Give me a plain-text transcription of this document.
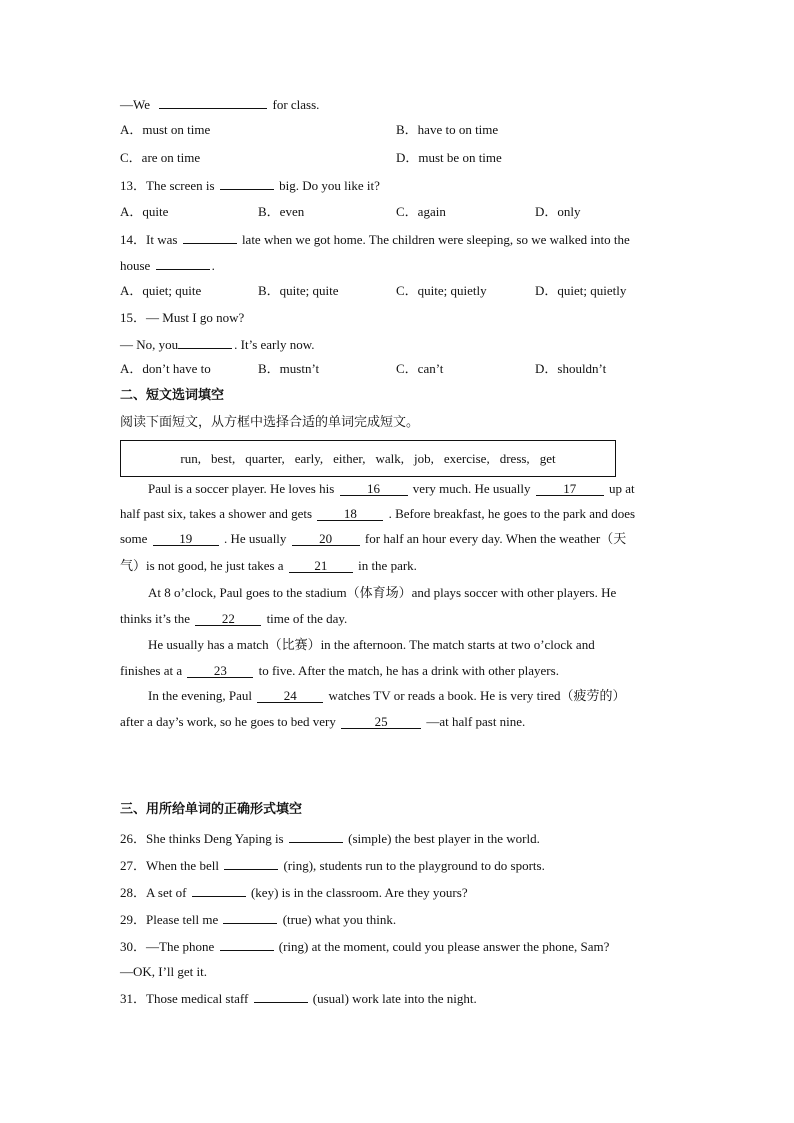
—We	for class.
A．must on time	B．have to on time
C．are on time	D．must be on time
13．The screen is	big. Do you like it?
A．quite	B．even	C．again	D．only
14．It was	late when we got home. The children were sleeping, so we walked into the
house	.
A．quiet; quite	B．quite; quite	C．quite; quietly	D．quiet; quietly
15．— Must I go now?
— No, you	. It’s early now.
A．don’t have to	B．mustn’t	C．can’t	D．shouldn’t
二、短文选词填空
阅读下面短文，从方框中选择合适的单词完成短文。
run, best, quarter, early, either, walk, job, exercise, dress, get
Paul is a soccer player. He loves his	16	very much. He usually	17	up at
half past six, takes a shower and gets 18 . Before breakfast, he goes to the park and does
some 19 . He usually	20	for half an hour every day. When the weather（天
气）is not good, he just takes a 21 in the park.
At 8 o’clock, Paul goes to the stadium（体育场）and plays soccer with other players. He
thinks it’s the 22 time of the day.
He usually has a match（比赛）in the afternoon. The match starts at two o’clock and
finishes at a 23 to five. After the match, he has a drink with other players.
In the evening, Paul 24 watches TV or reads a book. He is very tired（疲劳的）
after a day’s work, so he goes to bed very	25	—at half past nine.
三、用所给单词的正确形式填空
26．She thinks Deng Yaping is	(simple) the best player in the world.
27．When the bell	(ring), students run to the playground to do sports.
28．A set of	(key) is in the classroom. Are they yours?
29．Please tell me	(true) what you think.
30．—The phone	(ring) at the moment, could you please answer the phone, Sam?
—OK, I’ll get it.
31．Those medical staff	(usual) work late into the night.
